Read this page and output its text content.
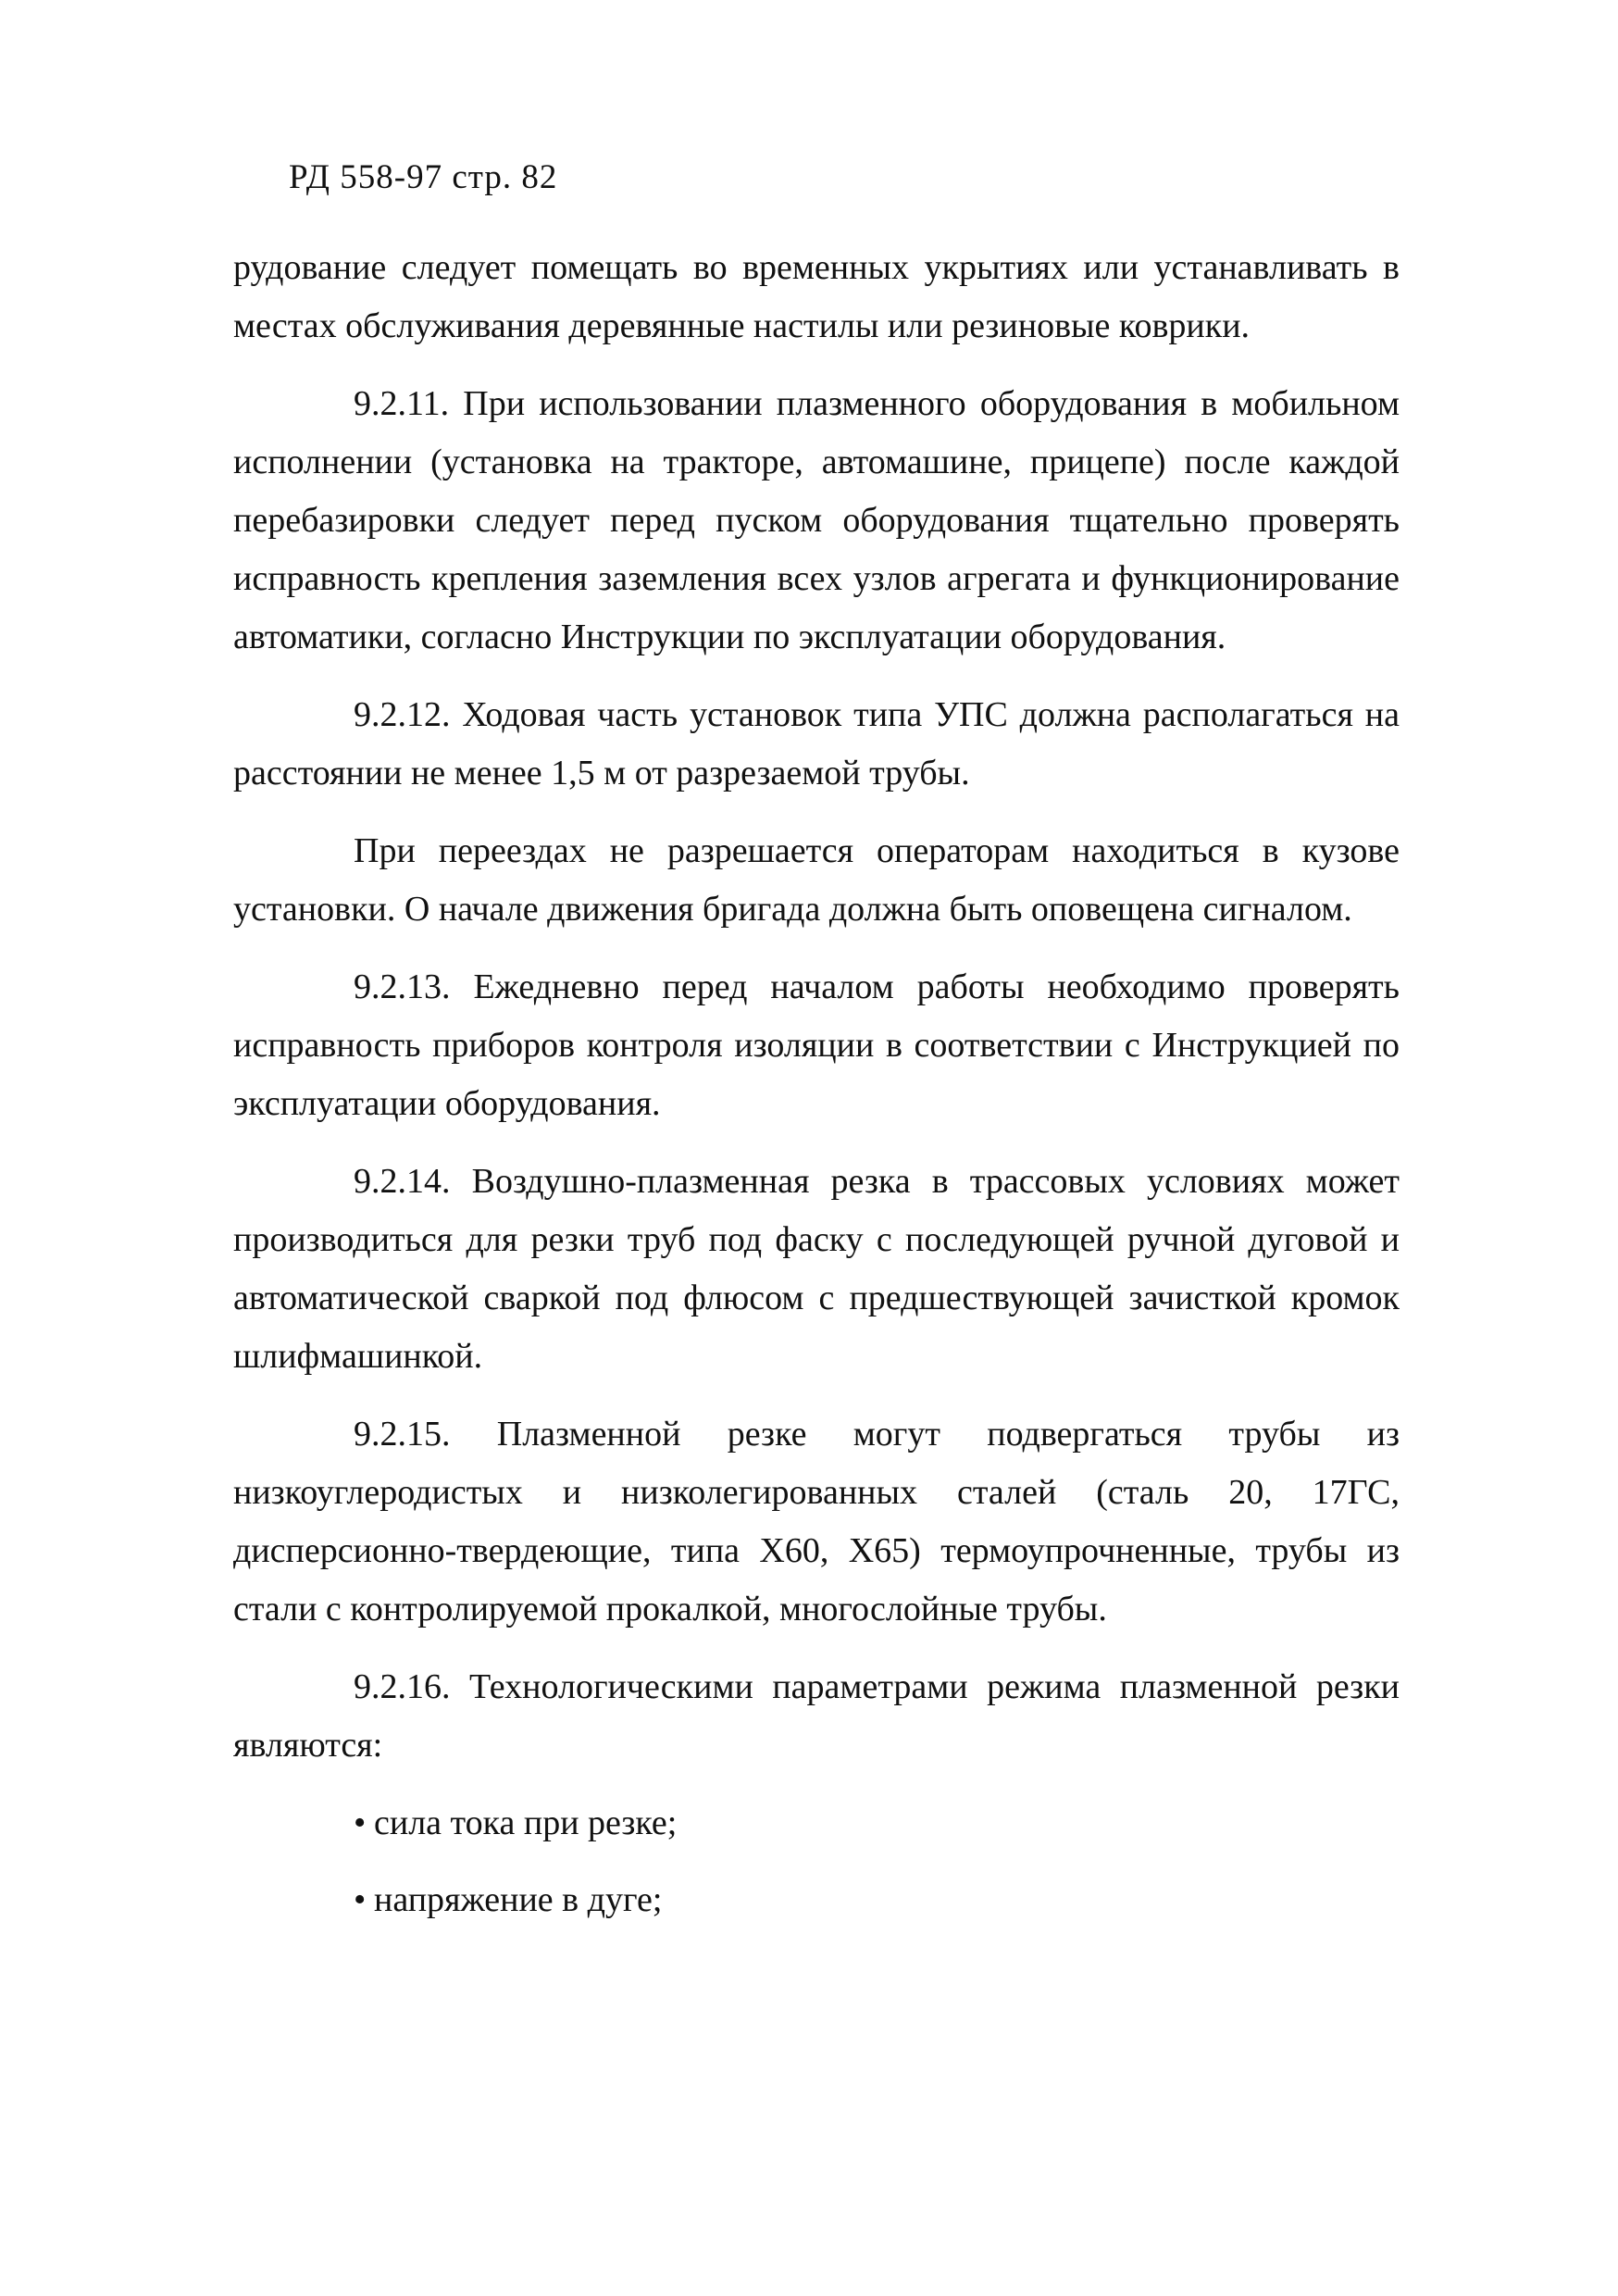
РД 558-97 стр. 82

рудование следует помещать во временных укрытиях или устанавливать в местах обслуживания деревянные настилы или резиновые коврики.

9.2.11. При использовании плазменного оборудования в мобильном исполнении (установка на тракторе, автомашине, прицепе) после каждой перебазировки следует перед пуском оборудования тщательно проверять исправность крепления заземления всех узлов агрегата и функционирование автоматики, согласно Инструкции по эксплуатации оборудования.

9.2.12. Ходовая часть установок типа УПС должна располагаться на расстоянии не менее 1,5 м от разрезаемой трубы.

При переездах не разрешается операторам находиться в кузове установки. О начале движения бригада должна быть оповещена сигналом.

9.2.13. Ежедневно перед началом работы необходимо проверять исправность приборов контроля изоляции в соответствии с Инструкцией по эксплуатации оборудования.

9.2.14. Воздушно-плазменная резка в трассовых условиях может производиться для резки труб под фаску с последующей ручной дуговой и автоматической сваркой под флюсом с предшествующей зачисткой кромок шлифмашинкой.

9.2.15. Плазменной резке могут подвергаться трубы из низкоуглеродистых и низколегированных сталей (сталь 20, 17ГС, дисперсионно-твердеющие, типа Х60, Х65) термоупрочненные, трубы из стали с контролируемой прокалкой, многослойные трубы.

9.2.16. Технологическими параметрами режима плазменной резки являются:

• сила тока при резке;
• напряжение в дуге;
